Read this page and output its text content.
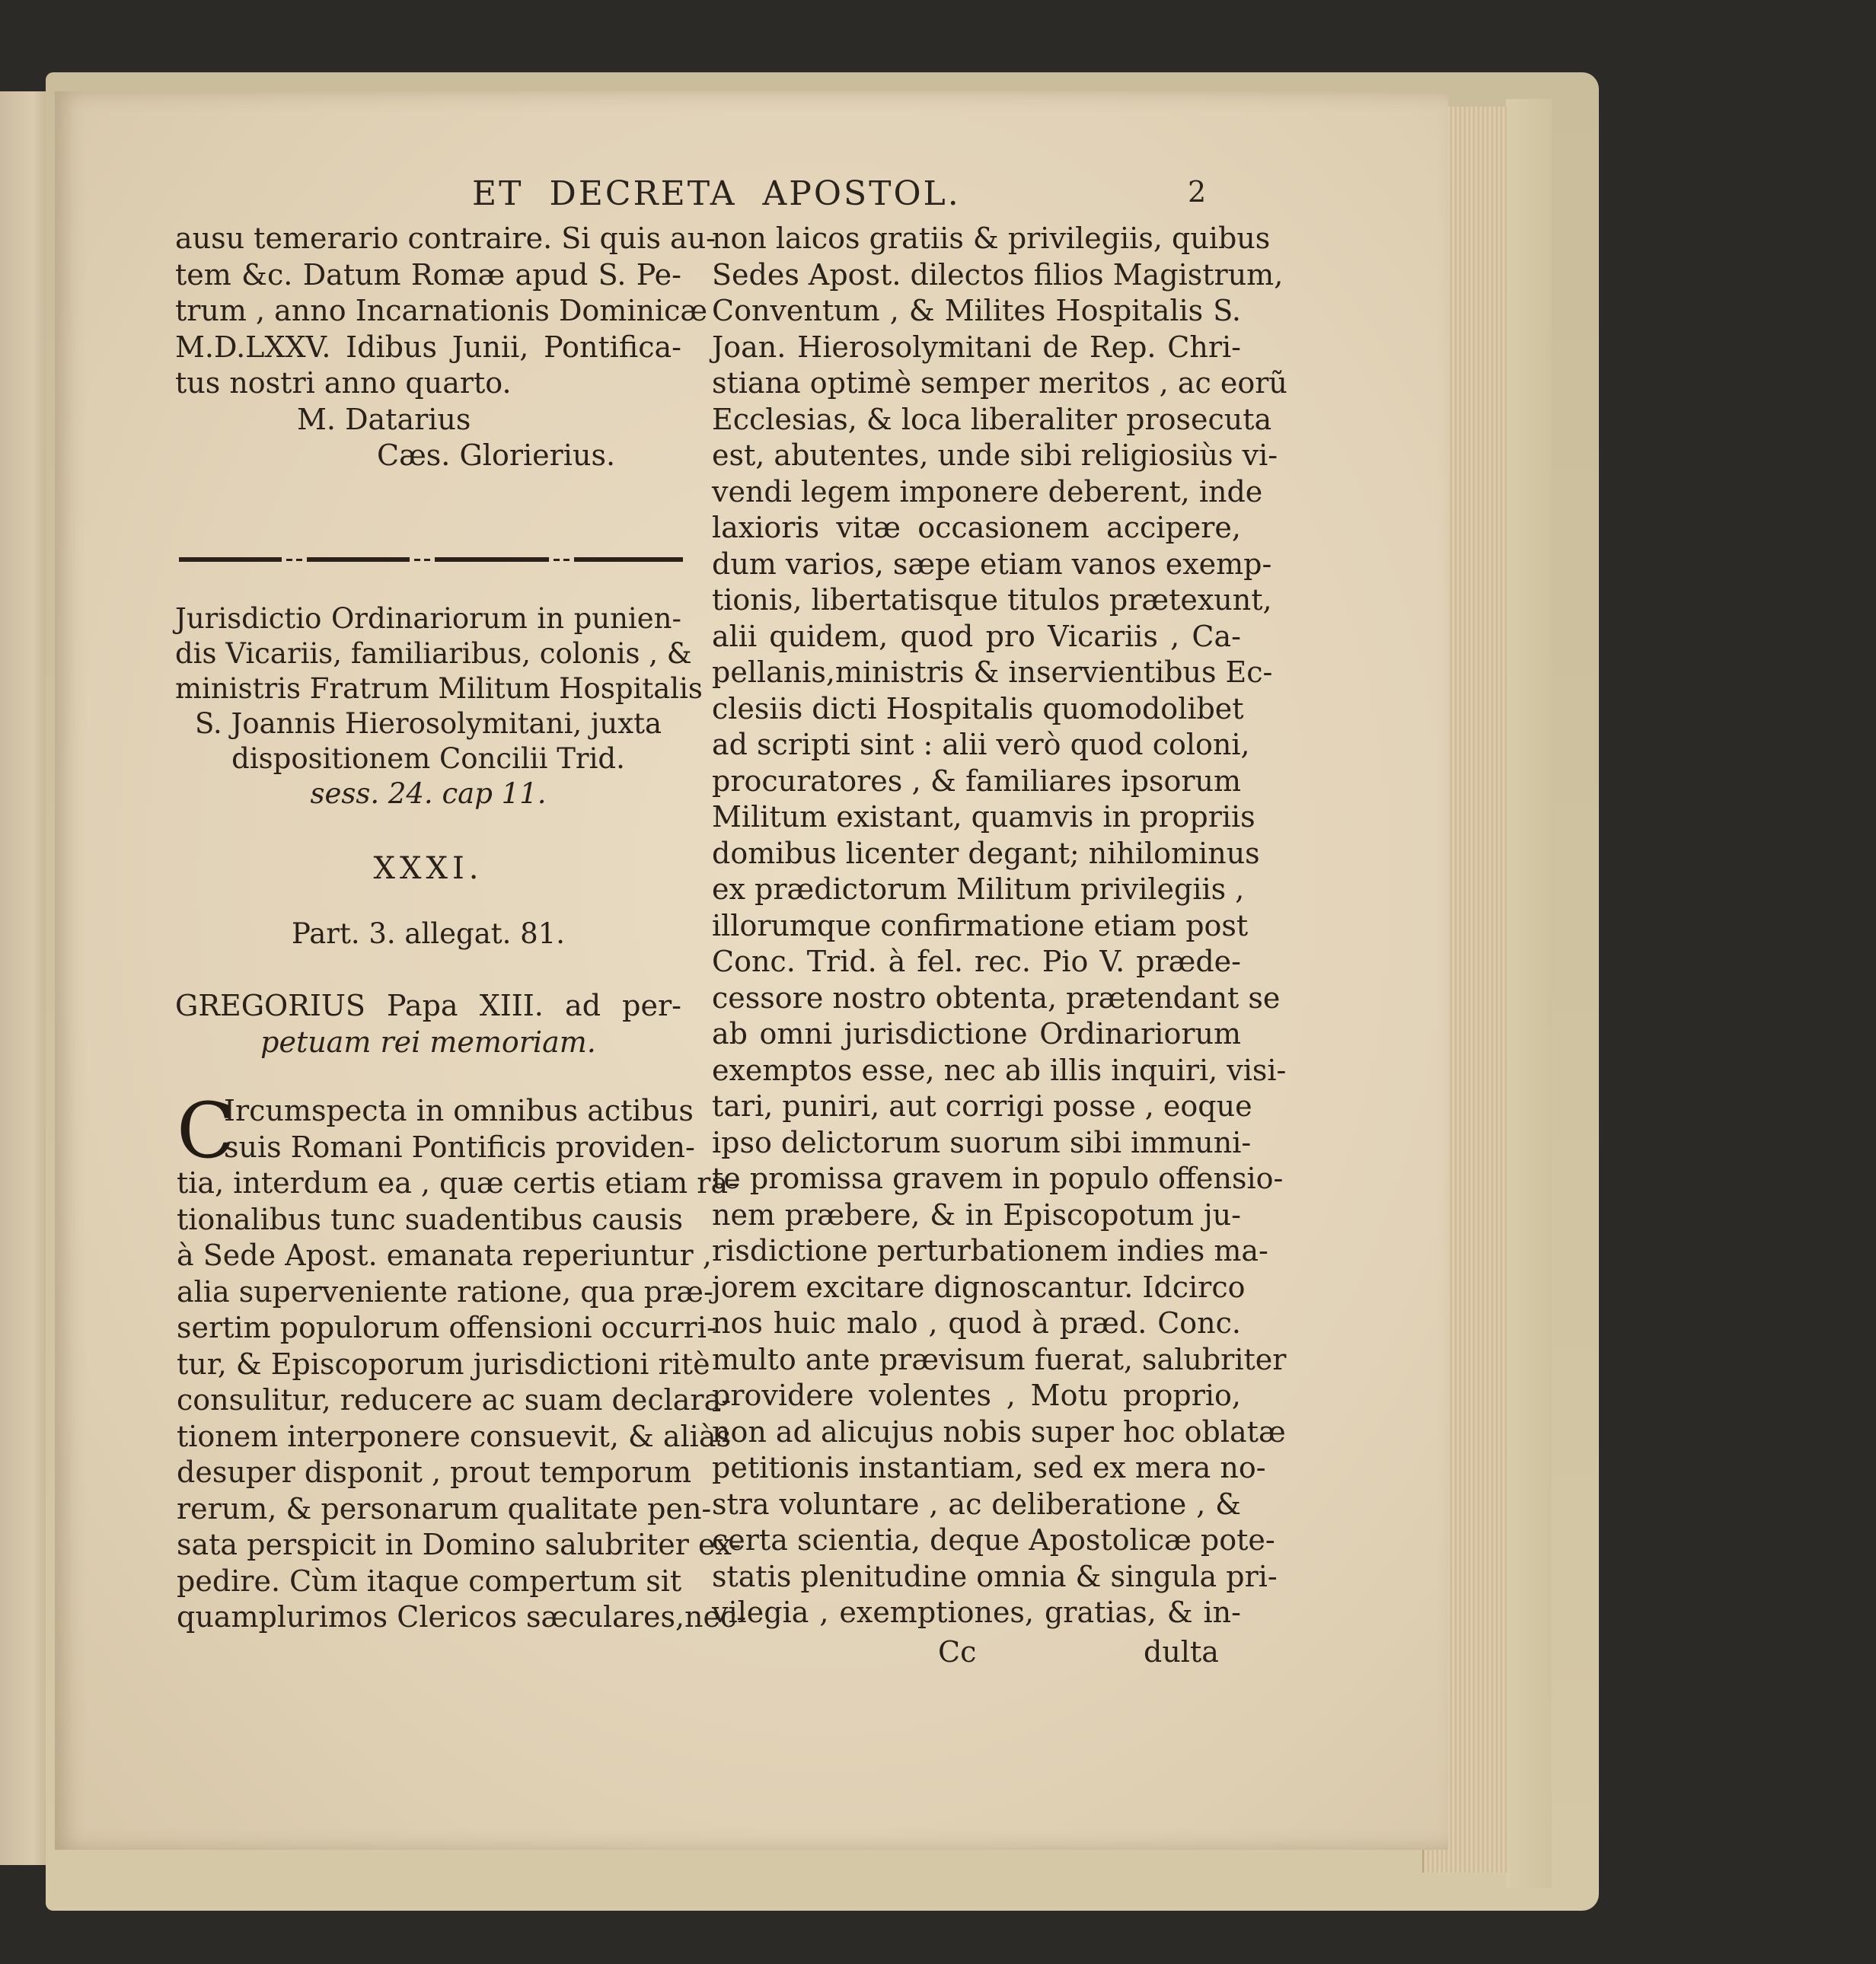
ET DECRETA APOSTOL.	2
ausu temerario contraire. Si quis au-
tem &c. Datum Romæ apud S. Pe-
trum , anno Incarnationis Dominicæ
M.D.LXXV. Idibus Junii, Pontifica-
tus nostri anno quarto.
M. Datarius
Cæs. Glorierius.
Jurisdictio Ordinariorum in punien-
dis Vicariis, familiaribus, colonis , &
ministris Fratrum Militum Hospitalis
S. Joannis Hierosolymitani, juxta
dispositionem Concilii Trid.
sess. 24. cap 11.
XXXI.
Part. 3. allegat. 81.
GREGORIUS Papa XIII. ad per-
petuam rei memoriam.
C
Ircumspecta in omnibus actibus
suis Romani Pontificis providen-
tia, interdum ea , quæ certis etiam ra-
tionalibus tunc suadentibus causis
à Sede Apost. emanata reperiuntur ,
alia superveniente ratione, qua præ-
sertim populorum offensioni occurri-
tur, & Episcoporum jurisdictioni ritè
consulitur, reducere ac suam declara-
tionem interponere consuevit, & aliàs
desuper disponit , prout temporum
rerum, & personarum qualitate pen-
sata perspicit in Domino salubriter ex-
pedire. Cùm itaque compertum sit
quamplurimos Clericos sæculares,nec-
non laicos gratiis & privilegiis, quibus
Sedes Apost. dilectos filios Magistrum,
Conventum , & Milites Hospitalis S.
Joan. Hierosolymitani de Rep. Chri-
stiana optimè semper meritos , ac eorũ
Ecclesias, & loca liberaliter prosecuta
est, abutentes, unde sibi religiosiùs vi-
vendi legem imponere deberent, inde
laxioris vitæ occasionem accipere,
dum varios, sæpe etiam vanos exemp-
tionis, libertatisque titulos prætexunt,
alii quidem, quod pro Vicariis , Ca-
pellanis,ministris & inservientibus Ec-
clesiis dicti Hospitalis quomodolibet
ad scripti sint : alii verò quod coloni,
procuratores , & familiares ipsorum
Militum existant, quamvis in propriis
domibus licenter degant; nihilominus
ex prædictorum Militum privilegiis ,
illorumque confirmatione etiam post
Conc. Trid. à fel. rec. Pio V. præde-
cessore nostro obtenta, prætendant se
ab omni jurisdictione Ordinariorum
exemptos esse, nec ab illis inquiri, visi-
tari, puniri, aut corrigi posse , eoque
ipso delictorum suorum sibi immuni-
te promissa gravem in populo offensio-
nem præbere, & in Episcopotum ju-
risdictione perturbationem indies ma-
jorem excitare dignoscantur. Idcirco
nos huic malo , quod à præd. Conc.
multo ante prævisum fuerat, salubriter
providere volentes , Motu proprio,
non ad alicujus nobis super hoc oblatæ
petitionis instantiam, sed ex mera no-
stra voluntare , ac deliberatione , &
certa scientia, deque Apostolicæ pote-
statis plenitudine omnia & singula pri-
vilegia , exemptiones, gratias, & in-
Cc	dulta
